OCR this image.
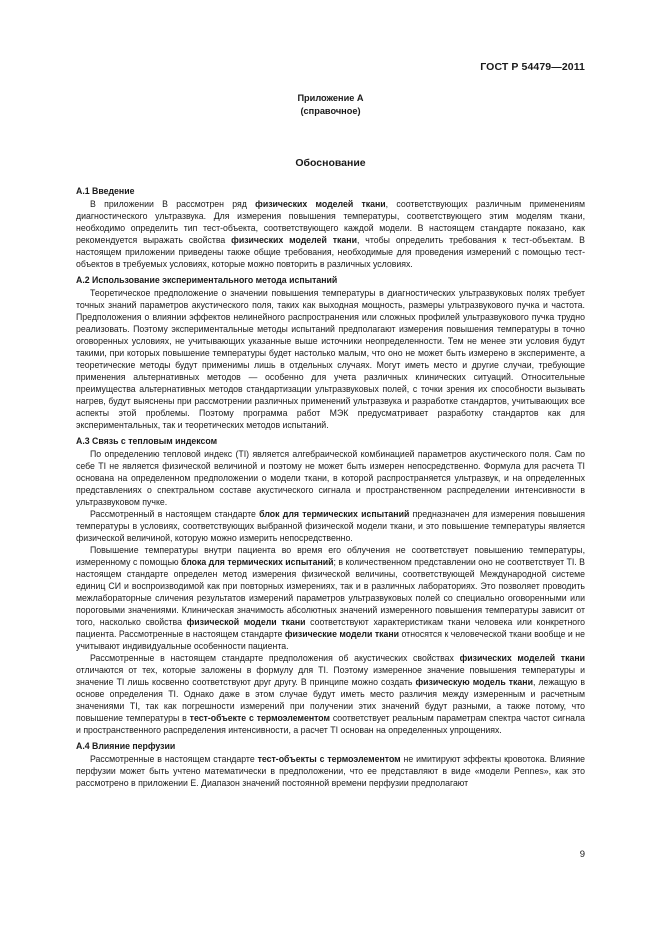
ГОСТ Р 54479—2011
Приложение А
(справочное)
Обоснование
А.1 Введение

В приложении В рассмотрен ряд физических моделей ткани, соответствующих различным применениям диагностического ультразвука. Для измерения повышения температуры, соответствующего этим моделям ткани, необходимо определить тип тест-объекта, соответствующего каждой модели. В настоящем стандарте показано, как рекомендуется выражать свойства физических моделей ткани, чтобы определить требования к тест-объектам. В настоящем приложении приведены также общие требования, необходимые для проведения измерений с помощью тест-объектов в требуемых условиях, которые можно повторить в различных условиях.

А.2 Использование экспериментального метода испытаний

Теоретическое предположение о значении повышения температуры в диагностических ультразвуковых полях требует точных знаний параметров акустического поля, таких как выходная мощность, размеры ультразвукового пучка и частота. Предположения о влиянии эффектов нелинейного распространения или сложных профилей ультразвукового пучка трудно реализовать. Поэтому экспериментальные методы испытаний предполагают измерения повышения температуры в точно оговоренных условиях, не учитывающих указанные выше источники неопределенности. Тем не менее эти условия будут такими, при которых повышение температуры будет настолько малым, что оно не может быть измерено в эксперименте, а теоретические методы будут применимы лишь в отдельных случаях. Могут иметь место и другие случаи, требующие применения альтернативных методов — особенно для учета различных клинических ситуаций. Относительные преимущества альтернативных методов стандартизации ультразвуковых полей, с точки зрения их способности вызывать нагрев, будут выяснены при рассмотрении различных применений ультразвука и разработке стандартов, учитывающих все аспекты этой проблемы. Поэтому программа работ МЭК предусматривает разработку стандартов как для экспериментальных, так и теоретических методов испытаний.

А.3 Связь с тепловым индексом

По определению тепловой индекс (TI) является алгебраической комбинацией параметров акустического поля. Сам по себе TI не является физической величиной и поэтому не может быть измерен непосредственно. Формула для расчета TI основана на определенном предположении о модели ткани, в которой распространяется ультразвук, и на определенных представлениях о спектральном составе акустического сигнала и пространственном распределении интенсивности в ультразвуковом пучке.

Рассмотренный в настоящем стандарте блок для термических испытаний предназначен для измерения повышения температуры в условиях, соответствующих выбранной физической модели ткани, и это повышение температуры является физической величиной, которую можно измерить непосредственно.

Повышение температуры внутри пациента во время его облучения не соответствует повышению температуры, измеренному с помощью блока для термических испытаний; в количественном представлении оно не соответствует TI. В настоящем стандарте определен метод измерения физической величины, соответствующей Международной системе единиц СИ и воспроизводимой как при повторных измерениях, так и в различных лабораториях. Это позволяет проводить межлабораторные сличения результатов измерений параметров ультразвуковых полей со специально оговоренными или пороговыми значениями. Клиническая значимость абсолютных значений измеренного повышения температуры зависит от того, насколько свойства физической модели ткани соответствуют характеристикам ткани человека или конкретного пациента. Рассмотренные в настоящем стандарте физические модели ткани относятся к человеческой ткани вообще и не учитывают индивидуальные особенности пациента.

Рассмотренные в настоящем стандарте предположения об акустических свойствах физических моделей ткани отличаются от тех, которые заложены в формулу для TI. Поэтому измеренное значение повышения температуры и значение TI лишь косвенно соответствуют друг другу. В принципе можно создать физическую модель ткани, лежащую в основе определения TI. Однако даже в этом случае будут иметь место различия между измеренным и расчетным значениями TI, так как погрешности измерений при получении этих значений будут разными, а также потому, что повышение температуры в тест-объекте с термоэлементом соответствует реальным параметрам спектра частот сигнала и пространственного распределения интенсивности, а расчет TI основан на определенных упрощениях.

А.4 Влияние перфузии

Рассмотренные в настоящем стандарте тест-объекты с термоэлементом не имитируют эффекты кровотока. Влияние перфузии может быть учтено математически в предположении, что ее представляют в виде «модели Pennes», как это рассмотрено в приложении Е. Диапазон значений постоянной времени перфузии предполагают

9
